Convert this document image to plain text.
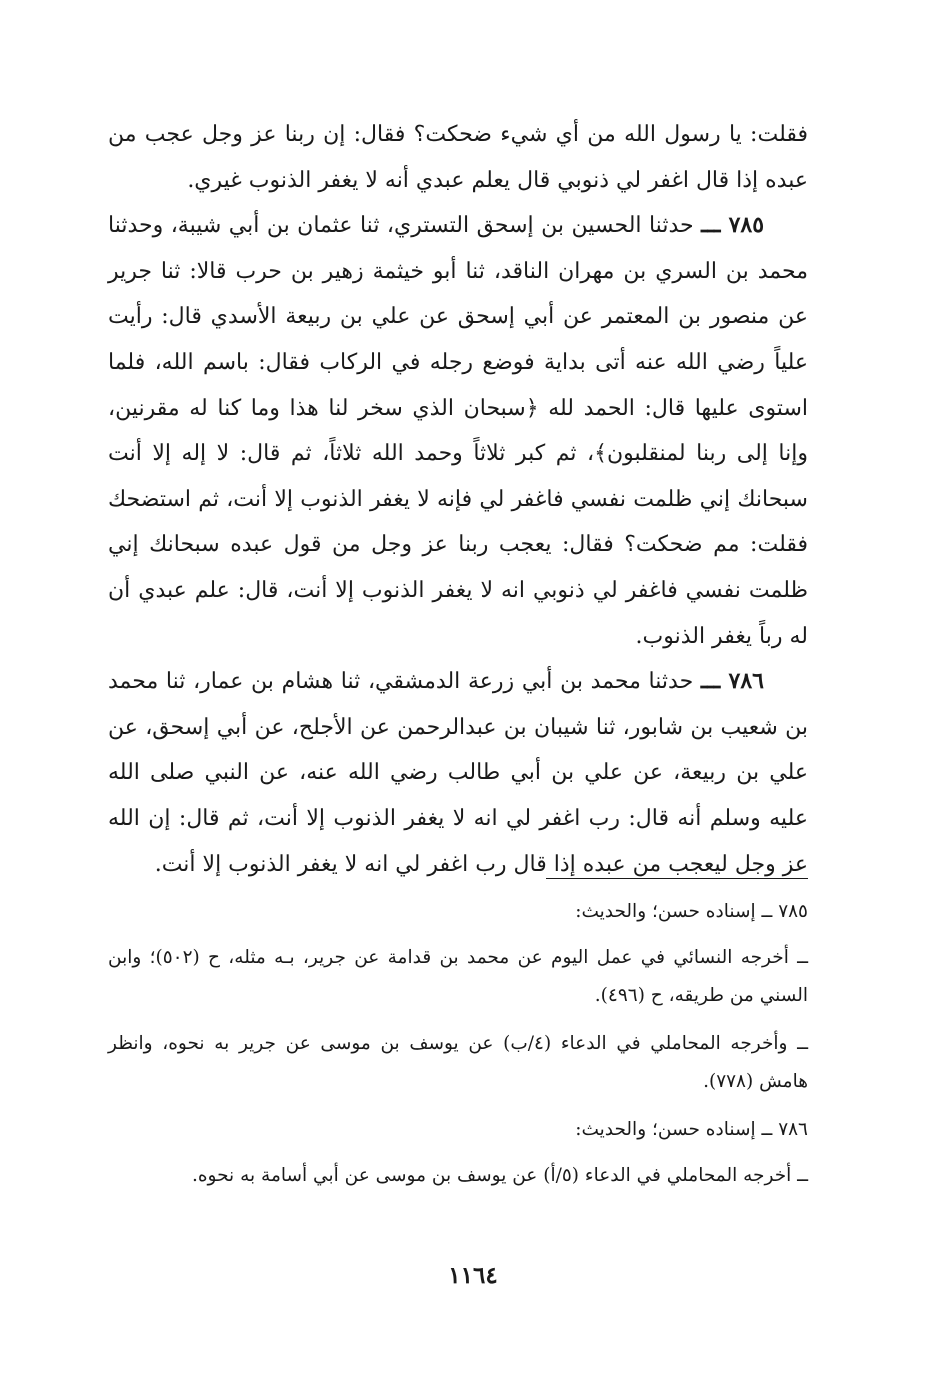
فقلت: يا رسول الله من أي شيء ضحكت؟ فقال: إن ربنا عز وجل عجب من عبده إذا قال اغفر لي ذنوبي قال يعلم عبدي أنه لا يغفر الذنوب غيري.

٧٨٥ ـــ حدثنا الحسين بن إسحق التستري، ثنا عثمان بن أبي شيبة، وحدثنا محمد بن السري بن مهران الناقد، ثنا أبو خيثمة زهير بن حرب قالا: ثنا جرير عن منصور بن المعتمر عن أبي إسحق عن علي بن ربيعة الأسدي قال: رأيت علياً رضي الله عنه أتى بداية فوضع رجله في الركاب فقال: باسم الله، فلما استوى عليها قال: الحمد لله ﴿سبحان الذي سخر لنا هذا وما كنا له مقرنين، وإنا إلى ربنا لمنقلبون﴾، ثم كبر ثلاثاً وحمد الله ثلاثاً، ثم قال: لا إله إلا أنت سبحانك إني ظلمت نفسي فاغفر لي فإنه لا يغفر الذنوب إلا أنت، ثم استضحك فقلت: مم ضحكت؟ فقال: يعجب ربنا عز وجل من قول عبده سبحانك إني ظلمت نفسي فاغفر لي ذنوبي انه لا يغفر الذنوب إلا أنت، قال: علم عبدي أن له رباً يغفر الذنوب.

٧٨٦ ـــ حدثنا محمد بن أبي زرعة الدمشقي، ثنا هشام بن عمار، ثنا محمد بن شعيب بن شابور، ثنا شيبان بن عبدالرحمن عن الأجلح، عن أبي إسحق، عن علي بن ربيعة، عن علي بن أبي طالب رضي الله عنه، عن النبي صلى الله عليه وسلم أنه قال: رب اغفر لي انه لا يغفر الذنوب إلا أنت، ثم قال: إن الله عز وجل ليعجب من عبده إذا قال رب اغفر لي انه لا يغفر الذنوب إلا أنت.

٧٨٥ ــ إسناده حسن؛ والحديث:

ــ أخرجه النسائي في عمل اليوم عن محمد بن قدامة عن جرير، بـه مثله، ح (٥٠٢)؛ وابن السني من طريقه، ح (٤٩٦).

ــ وأخرجه المحاملي في الدعاء (٤/ب) عن يوسف بن موسى عن جرير به نحوه، وانظر هامش (٧٧٨).

٧٨٦ ــ إسناده حسن؛ والحديث:

ــ أخرجه المحاملي في الدعاء (٥/أ) عن يوسف بن موسى عن أبي أسامة به نحوه.

١١٦٤
